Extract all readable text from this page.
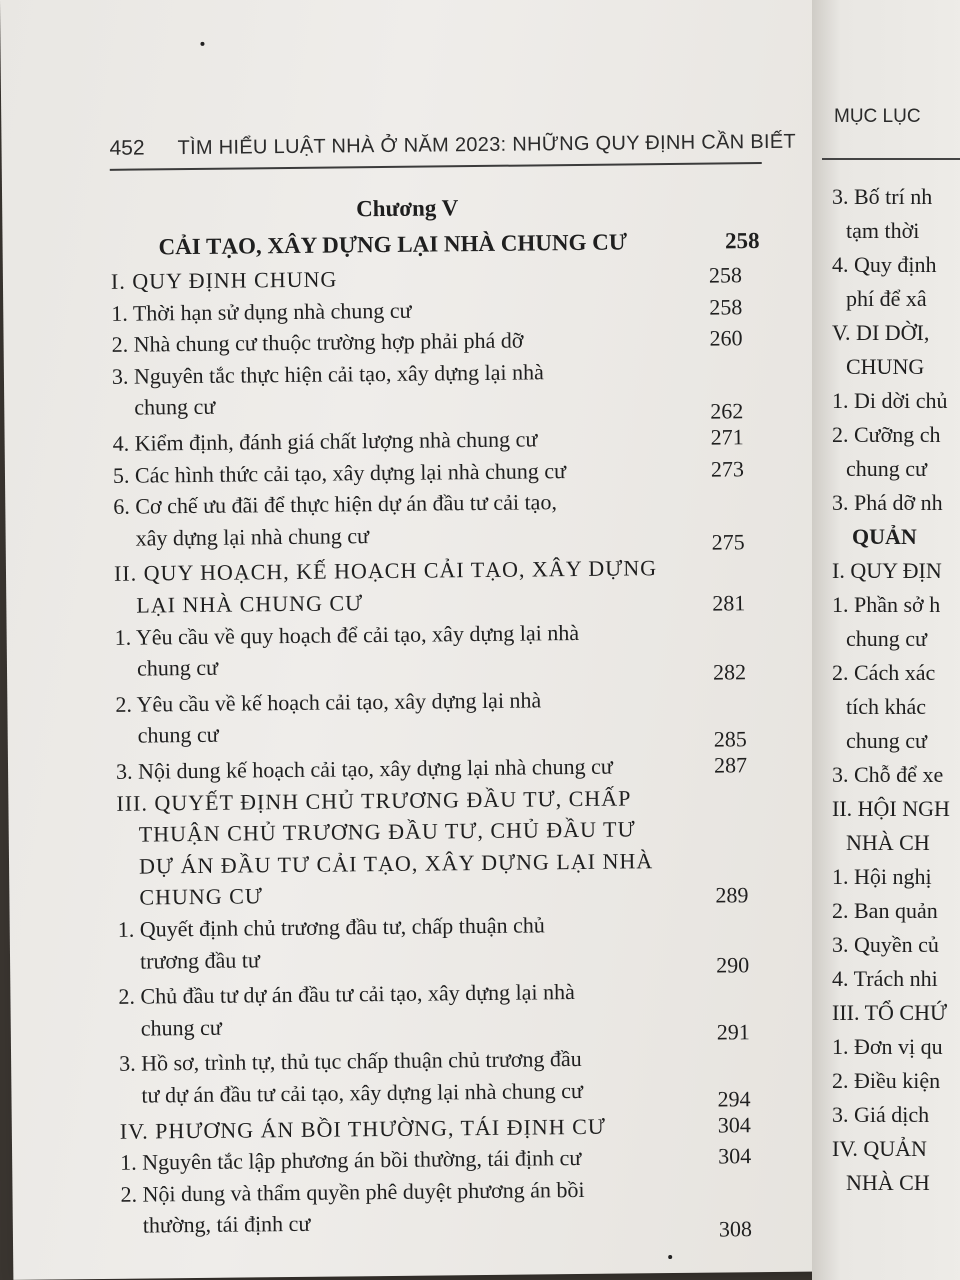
452 TÌM HIỂU LUẬT NHÀ Ở NĂM 2023: NHỮNG QUY ĐỊNH CẦN BIẾT
Chương V
CẢI TẠO, XÂY DỰNG LẠI NHÀ CHUNG CƯ	258
I. QUY ĐỊNH CHUNG	258
1. Thời hạn sử dụng nhà chung cư	258
2. Nhà chung cư thuộc trường hợp phải phá dỡ	260
3. Nguyên tắc thực hiện cải tạo, xây dựng lại nhà
chung cư	262
4. Kiểm định, đánh giá chất lượng nhà chung cư	271
5. Các hình thức cải tạo, xây dựng lại nhà chung cư	273
6. Cơ chế ưu đãi để thực hiện dự án đầu tư cải tạo,
xây dựng lại nhà chung cư	275
II. QUY HOẠCH, KẾ HOẠCH CẢI TẠO, XÂY DỰNG
LẠI NHÀ CHUNG CƯ	281
1. Yêu cầu về quy hoạch để cải tạo, xây dựng lại nhà
chung cư	282
2. Yêu cầu về kế hoạch cải tạo, xây dựng lại nhà
chung cư	285
3. Nội dung kế hoạch cải tạo, xây dựng lại nhà chung cư	287
III. QUYẾT ĐỊNH CHỦ TRƯƠNG ĐẦU TƯ, CHẤP
THUẬN CHỦ TRƯƠNG ĐẦU TƯ, CHỦ ĐẦU TƯ
DỰ ÁN ĐẦU TƯ CẢI TẠO, XÂY DỰNG LẠI NHÀ
CHUNG CƯ	289
1. Quyết định chủ trương đầu tư, chấp thuận chủ
trương đầu tư	290
2. Chủ đầu tư dự án đầu tư cải tạo, xây dựng lại nhà
chung cư	291
3. Hồ sơ, trình tự, thủ tục chấp thuận chủ trương đầu
tư dự án đầu tư cải tạo, xây dựng lại nhà chung cư	294
IV. PHƯƠNG ÁN BỒI THƯỜNG, TÁI ĐỊNH CƯ	304
1. Nguyên tắc lập phương án bồi thường, tái định cư	304
2. Nội dung và thẩm quyền phê duyệt phương án bồi
thường, tái định cư	308
MỤC LỤC
3. Bố trí nh
tạm thời
4. Quy định
phí để xâ
V. DI DỜI,
CHUNG
1. Di dời chủ
2. Cưỡng ch
chung cư
3. Phá dỡ nh
QUẢN
I. QUY ĐỊN
1. Phần sở h
chung cư
2. Cách xác
tích khác
chung cư
3. Chỗ để xe
II. HỘI NGH
NHÀ CH
1. Hội nghị
2. Ban quản
3. Quyền củ
4. Trách nhi
III. TỔ CHỨ
1. Đơn vị qu
2. Điều kiện
3. Giá dịch
IV. QUẢN
NHÀ CH
